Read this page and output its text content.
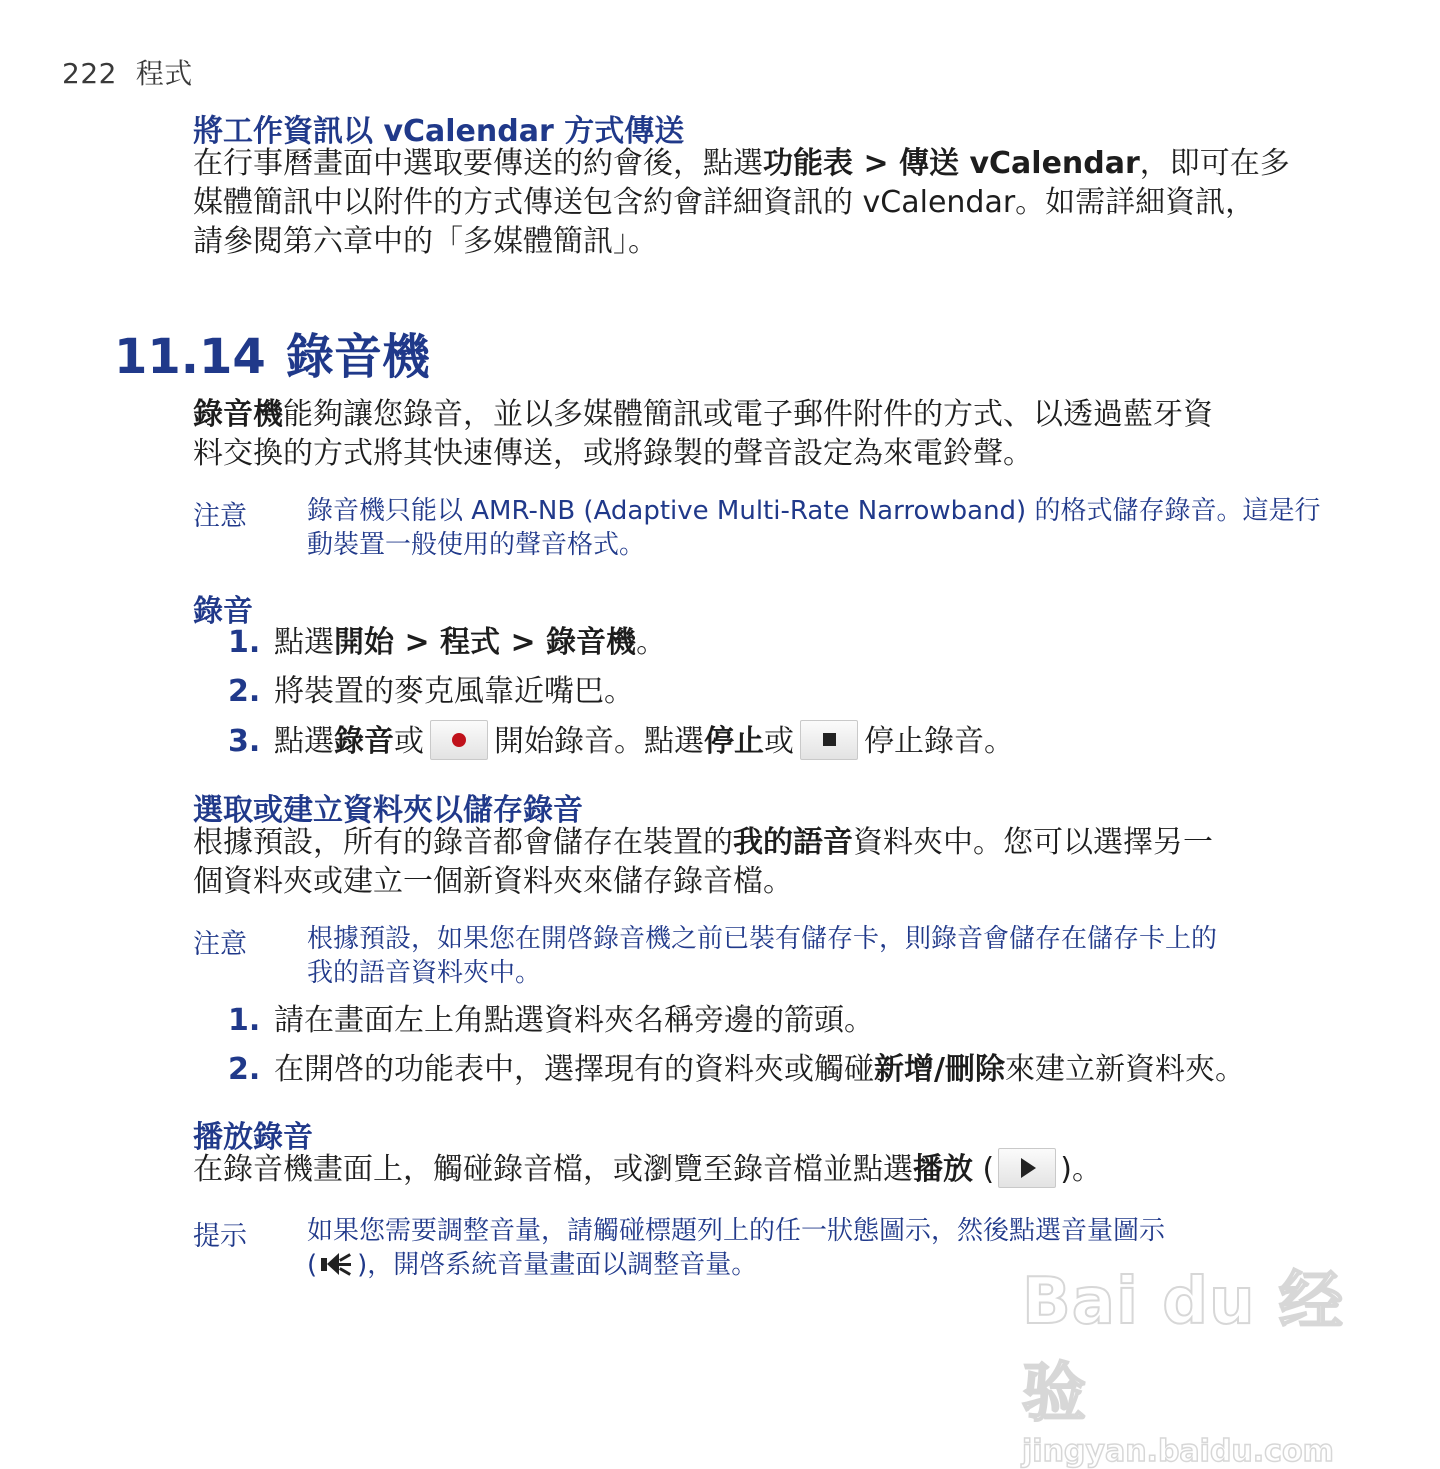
222 程式
將工作資訊以 vCalendar 方式傳送
在行事曆畫面中選取要傳送的約會後，點選功能表 > 傳送 vCalendar，即可在多
媒體簡訊中以附件的方式傳送包含約會詳細資訊的 vCalendar。如需詳細資訊，
請參閱第六章中的「多媒體簡訊」。
11.14 錄音機
錄音機能夠讓您錄音，並以多媒體簡訊或電子郵件附件的方式、以透過藍牙資
料交換的方式將其快速傳送，或將錄製的聲音設定為來電鈴聲。
注意 錄音機只能以 AMR-NB (Adaptive Multi-Rate Narrowband) 的格式儲存錄音。這是行
動裝置一般使用的聲音格式。
錄音
1. 點選開始 > 程式 > 錄音機。
2. 將裝置的麥克風靠近嘴巴。
3. 點選錄音或 開始錄音。點選停止或 停止錄音。
選取或建立資料夾以儲存錄音
根據預設，所有的錄音都會儲存在裝置的我的語音資料夾中。您可以選擇另一
個資料夾或建立一個新資料夾來儲存錄音檔。
注意 根據預設，如果您在開啓錄音機之前已裝有儲存卡，則錄音會儲存在儲存卡上的
我的語音資料夾中。
1. 請在畫面左上角點選資料夾名稱旁邊的箭頭。
2. 在開啓的功能表中，選擇現有的資料夾或觸碰新增/刪除來建立新資料夾。
播放錄音
在錄音機畫面上，觸碰錄音檔，或瀏覽至錄音檔並點選播放 ( )。
提示 如果您需要調整音量，請觸碰標題列上的任一狀態圖示，然後點選音量圖示
( )，開啓系統音量畫面以調整音量。	Bai du 经验
jingyan.baidu.com
